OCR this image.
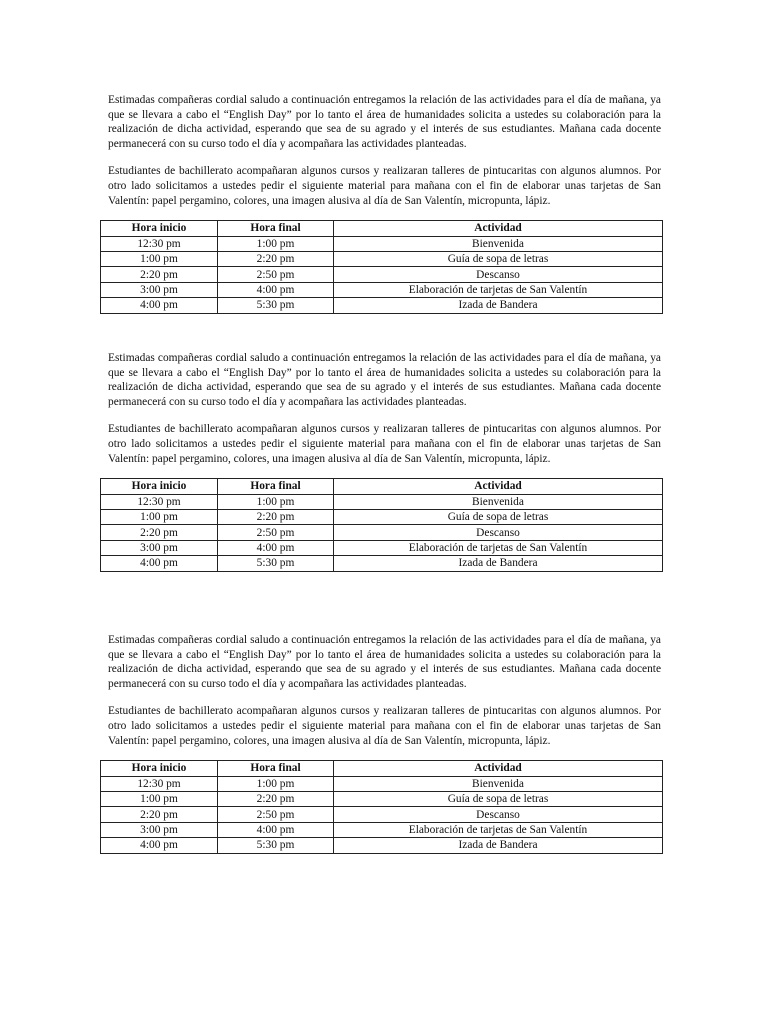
Estimadas compañeras cordial saludo a continuación entregamos la relación de las actividades para el día de mañana, ya que se llevara a cabo el “English Day” por lo tanto el área de humanidades solicita a ustedes su colaboración para la realización de dicha actividad, esperando que sea de su agrado y el interés de sus estudiantes. Mañana cada docente permanecerá con su curso todo el día y acompañara las actividades planteadas.

Estudiantes de bachillerato acompañaran algunos cursos y realizaran talleres de pintucaritas con algunos alumnos. Por otro lado solicitamos a ustedes pedir el siguiente material para mañana con el fin de elaborar unas tarjetas de San Valentín: papel pergamino, colores, una imagen alusiva al día de San Valentín, micropunta, lápiz.

Hora inicio	Hora final	Actividad
12:30 pm	1:00 pm	Bienvenida
1:00 pm	2:20 pm	Guía de sopa de letras
2:20 pm	2:50 pm	Descanso
3:00 pm	4:00 pm	Elaboración de tarjetas de San Valentín
4:00 pm	5:30 pm	Izada de Bandera

Estimadas compañeras cordial saludo a continuación entregamos la relación de las actividades para el día de mañana, ya que se llevara a cabo el “English Day” por lo tanto el área de humanidades solicita a ustedes su colaboración para la realización de dicha actividad, esperando que sea de su agrado y el interés de sus estudiantes. Mañana cada docente permanecerá con su curso todo el día y acompañara las actividades planteadas.

Estudiantes de bachillerato acompañaran algunos cursos y realizaran talleres de pintucaritas con algunos alumnos. Por otro lado solicitamos a ustedes pedir el siguiente material para mañana con el fin de elaborar unas tarjetas de San Valentín: papel pergamino, colores, una imagen alusiva al día de San Valentín, micropunta, lápiz.

Hora inicio	Hora final	Actividad
12:30 pm	1:00 pm	Bienvenida
1:00 pm	2:20 pm	Guía de sopa de letras
2:20 pm	2:50 pm	Descanso
3:00 pm	4:00 pm	Elaboración de tarjetas de San Valentín
4:00 pm	5:30 pm	Izada de Bandera

Estimadas compañeras cordial saludo a continuación entregamos la relación de las actividades para el día de mañana, ya que se llevara a cabo el “English Day” por lo tanto el área de humanidades solicita a ustedes su colaboración para la realización de dicha actividad, esperando que sea de su agrado y el interés de sus estudiantes. Mañana cada docente permanecerá con su curso todo el día y acompañara las actividades planteadas.

Estudiantes de bachillerato acompañaran algunos cursos y realizaran talleres de pintucaritas con algunos alumnos. Por otro lado solicitamos a ustedes pedir el siguiente material para mañana con el fin de elaborar unas tarjetas de San Valentín: papel pergamino, colores, una imagen alusiva al día de San Valentín, micropunta, lápiz.

Hora inicio	Hora final	Actividad
12:30 pm	1:00 pm	Bienvenida
1:00 pm	2:20 pm	Guía de sopa de letras
2:20 pm	2:50 pm	Descanso
3:00 pm	4:00 pm	Elaboración de tarjetas de San Valentín
4:00 pm	5:30 pm	Izada de Bandera
